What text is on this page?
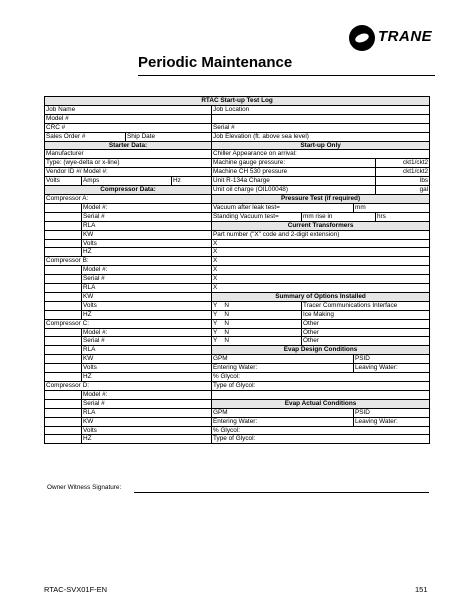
TRANE
Periodic Maintenance
RTAC Start-up Test Log							
Job Name				Job Location			
Model #							
CRC #				Serial #			
Sales Order #		Ship Date		Job Elevation (ft. above sea level)			
Starter Data:				Start-up Only			
Manufacturer				Chiller Appearance on arrival:			
Type: (wye-delta or x-line)				Machine gauge pressure:			ckt1/ckt2
Vendor ID #/ Model #:				Machine CH 530 pressure			ckt1/ckt2
Volts	Amps		Hz	Unit R-134a Charge			lbs
Compressor Data:				Unit oil charge (OIL00048)			gal
Compressor A:				Pressure Test (if required)			
	Model #:			Vacuum after leak test=		mm	
	Serial #			Standing Vacuum test=	mm rise in		hrs
	RLA			Current Transformers			
	KW			Part number ("X" code and 2-digit extension)			
	Volts			X			
	HZ			X			
Compressor B:				X			
	Model #:			X			
	Serial #			X			
	RLA			X			
	KW			Summary of Options Installed			
	Volts			Y N	Tracer Communications Interface		
	HZ			Y N	Ice Making		
Compressor C:				Y N	Other		
	Model #:			Y N	Other		
	Serial #			Y N	Other		
	RLA			Evap Design Conditions			
	KW			GPM		PSID	
	Volts			Entering Water:		Leaving Water:	
	HZ			% Glycol:			
Compressor D:				Type of Glycol:			
	Model #:						
	Serial #			Evap Actual Conditions			
	RLA			GPM		PSID	
	KW			Entering Water:		Leaving Water:	
	Volts			% Glycol:			
	HZ			Type of Glycol:			
Owner Witness Signature:
RTAC-SVX01F-EN	151
